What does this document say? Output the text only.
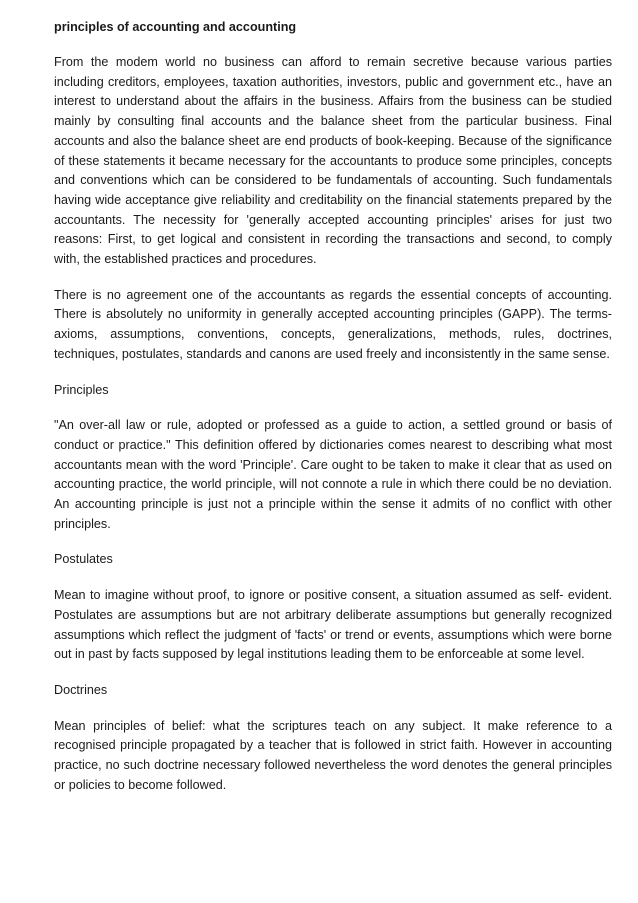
principles of accounting and accounting

From the modem world no business can afford to remain secretive because various parties including creditors, employees, taxation authorities, investors, public and government etc., have an interest to understand about the affairs in the business. Affairs from the business can be studied mainly by consulting final accounts and the balance sheet from the particular business. Final accounts and also the balance sheet are end products of book-keeping. Because of the significance of these statements it became necessary for the accountants to produce some principles, concepts and conventions which can be considered to be fundamentals of accounting. Such fundamentals having wide acceptance give reliability and creditability on the financial statements prepared by the accountants. The necessity for 'generally accepted accounting principles' arises for just two reasons: First, to get logical and consistent in recording the transactions and second, to comply with, the established practices and procedures.

There is no agreement one of the accountants as regards the essential concepts of accounting. There is absolutely no uniformity in generally accepted accounting principles (GAPP). The terms- axioms, assumptions, conventions, concepts, generalizations, methods, rules, doctrines, techniques, postulates, standards and canons are used freely and inconsistently in the same sense.

Principles

"An over-all law or rule, adopted or professed as a guide to action, a settled ground or basis of conduct or practice." This definition offered by dictionaries comes nearest to describing what most accountants mean with the word 'Principle'. Care ought to be taken to make it clear that as used on accounting practice, the world principle, will not connote a rule in which there could be no deviation. An accounting principle is just not a principle within the sense it admits of no conflict with other principles.

Postulates

Mean to imagine without proof, to ignore or positive consent, a situation assumed as self- evident. Postulates are assumptions but are not arbitrary deliberate assumptions but generally recognized assumptions which reflect the judgment of 'facts' or trend or events, assumptions which were borne out in past by facts supposed by legal institutions leading them to be enforceable at some level.

Doctrines

Mean principles of belief: what the scriptures teach on any subject. It make reference to a recognised principle propagated by a teacher that is followed in strict faith. However in accounting practice, no such doctrine necessary followed nevertheless the word denotes the general principles or policies to become followed.
